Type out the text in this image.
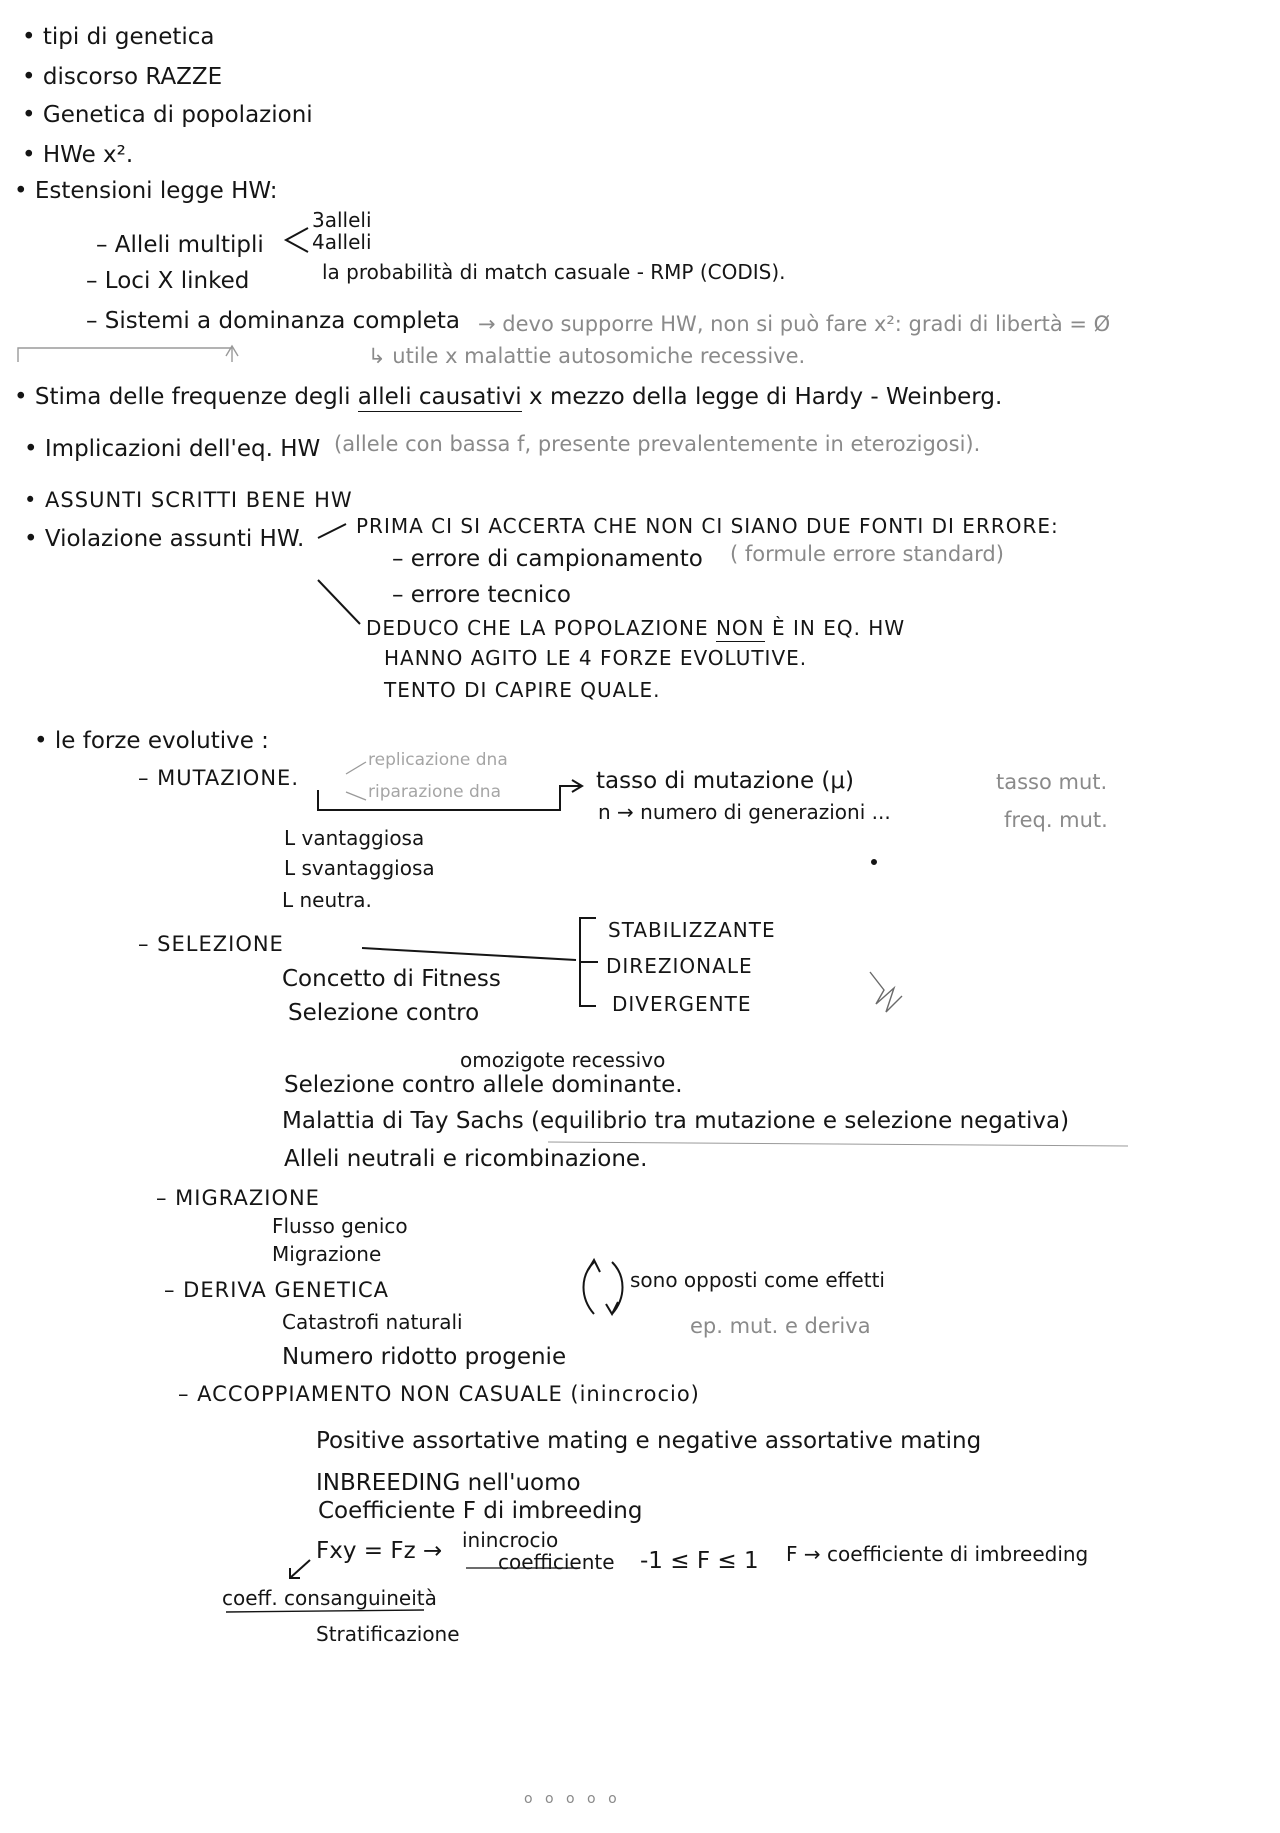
• tipi di genetica
• discorso RAZZE
• Genetica di popolazioni
• HWe x².
• Estensioni legge HW:
– Alleli multipli
3alleli
4alleli
la probabilità di match casuale - RMP (CODIS).
– Loci X linked
– Sistemi a dominanza completa → devo supporre HW, non si può fare x²: gradi di libertà = Ø
↳ utile x malattie autosomiche recessive.
• Stima delle frequenze degli alleli causativi x mezzo della legge di Hardy - Weinberg.
• Implicazioni dell'eq. HW (allele con bassa f, presente prevalentemente in eterozigosi).
• ASSUNTI SCRITTI BENE HW
• Violazione assunti HW.	PRIMA CI SI ACCERTA CHE NON CI SIANO DUE FONTI DI ERRORE:
– errore di campionamento ( formule errore standard)
– errore tecnico
DEDUCO CHE LA POPOLAZIONE NON È IN EQ. HW
HANNO AGITO LE 4 FORZE EVOLUTIVE.
TENTO DI CAPIRE QUALE.
• le forze evolutive :
– MUTAZIONE.
replicazione dna
riparazione dna	tasso di mutazione (μ)
n → numero di generazioni ...
tasso mut.
freq. mut.
L vantaggiosa
L svantaggiosa
L neutra.
– SELEZIONE
STABILIZZANTE
DIREZIONALE
DIVERGENTE
Concetto di Fitness
Selezione contro
omozigote recessivo
Selezione contro allele dominante.
Malattia di Tay Sachs (equilibrio tra mutazione e selezione negativa)
Alleli neutrali e ricombinazione.
– MIGRAZIONE
Flusso genico
Migrazione
sono opposti come effetti
ep. mut. e deriva
– DERIVA GENETICA
Catastrofi naturali
Numero ridotto progenie
– ACCOPPIAMENTO NON CASUALE (inincrocio)
Positive assortative mating e negative assortative mating
INBREEDING nell'uomo
Coefficiente F di imbreeding
Fxy = Fz → inincrocio
coefficiente -1 ≤ F ≤ 1 F → coefficiente di imbreeding
coeff. consanguineità
Stratificazione
o o o o o
